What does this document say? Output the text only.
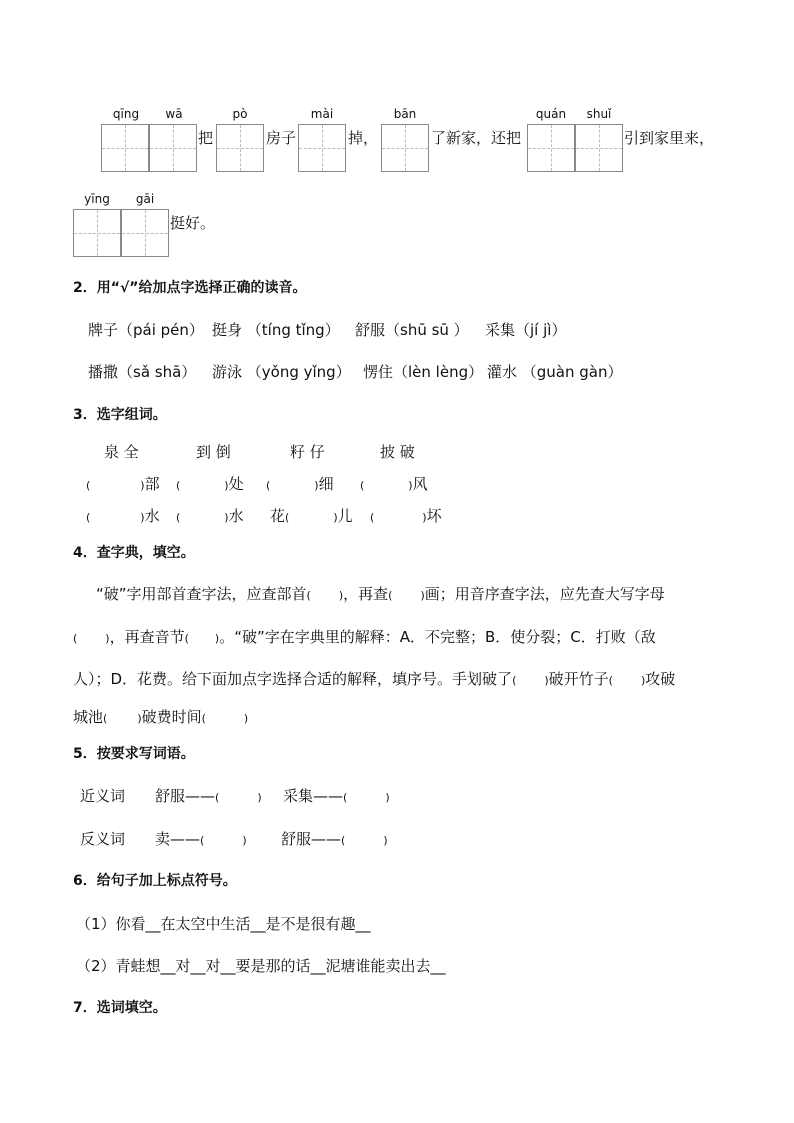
qīng	wā
把
pò
房子
mài
掉，
bān
了新家，还把
quán	shuǐ
引到家里来，
yīng	gāi
挺好。
2．用“√”给加点字选择正确的读音。
牌子（pái pén） 挺身 （tíng tǐng） 舒服（shū sū ） 采集（jí jì）
播撒（sǎ shā） 游泳 （yǒng yǐng） 愣住（lèn lèng） 灌水 （guàn gàn）
3．选字组词。
泉 全	到 倒	籽 仔	披 破
(	)部 (	)处 (	)细 (	)风
(	)水 (	)水 花(	)儿 (	)坏
4．查字典，填空。
“破”字用部首查字法，应查部首(	)，再查(	)画；用音序查字法，应先查大写字母
(	)，再查音节( )。“破”字在字典里的解释：A．不完整；B．使分裂；C．打败（敌
人）；D．花费。给下面加点字选择合适的解释，填序号。手划破了(	)破开竹子(	)攻破
城池(	)破费时间(	)
5．按要求写词语。
近义词 舒服——(	) 采集——(	)
反义词 卖——(	) 舒服——(	)
6．给句子加上标点符号。
（1）你看__在太空中生活__是不是很有趣__
（2）青蛙想__对__对__要是那的话__泥塘谁能卖出去__
7．选词填空。
